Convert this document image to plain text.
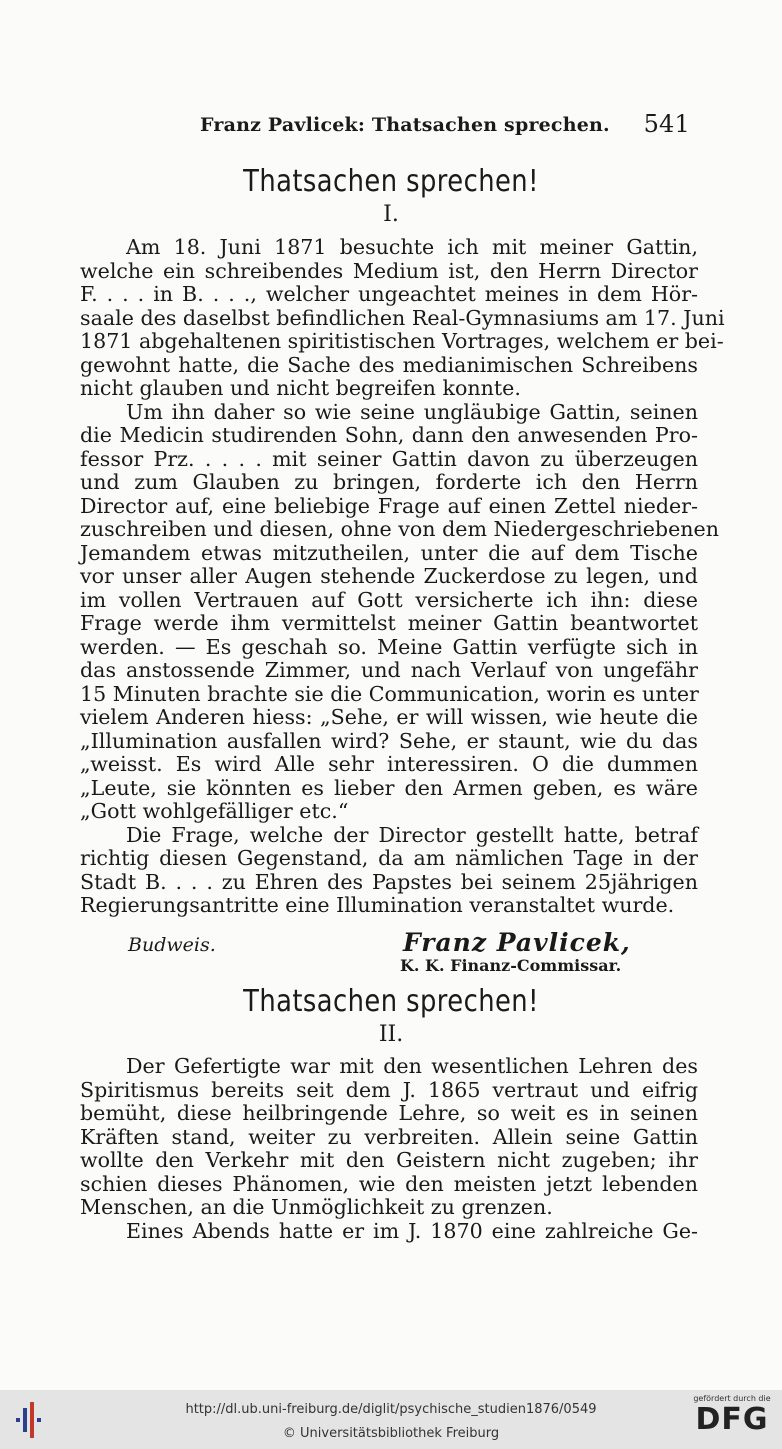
Franz Pavlicek: Thatsachen sprechen. 541
Thatsachen sprechen!
I.
Am 18. Juni 1871 besuchte ich mit meiner Gattin,
welche ein schreibendes Medium ist, den Herrn Director
F. . . . in B. . . ., welcher ungeachtet meines in dem Hör-
saale des daselbst befindlichen Real-Gymnasiums am 17. Juni
1871 abgehaltenen spiritistischen Vortrages, welchem er bei-
gewohnt hatte, die Sache des medianimischen Schreibens
nicht glauben und nicht begreifen konnte.
Um ihn daher so wie seine ungläubige Gattin, seinen
die Medicin studirenden Sohn, dann den anwesenden Pro-
fessor Prz. . . . . mit seiner Gattin davon zu überzeugen
und zum Glauben zu bringen, forderte ich den Herrn
Director auf, eine beliebige Frage auf einen Zettel nieder-
zuschreiben und diesen, ohne von dem Niedergeschriebenen
Jemandem etwas mitzutheilen, unter die auf dem Tische
vor unser aller Augen stehende Zuckerdose zu legen, und
im vollen Vertrauen auf Gott versicherte ich ihn: diese
Frage werde ihm vermittelst meiner Gattin beantwortet
werden. — Es geschah so. Meine Gattin verfügte sich in
das anstossende Zimmer, und nach Verlauf von ungefähr
15 Minuten brachte sie die Communication, worin es unter
vielem Anderen hiess: „Sehe, er will wissen, wie heute die
„Illumination ausfallen wird? Sehe, er staunt, wie du das
„weisst. Es wird Alle sehr interessiren. O die dummen
„Leute, sie könnten es lieber den Armen geben, es wäre
„Gott wohlgefälliger etc.“
Die Frage, welche der Director gestellt hatte, betraf
richtig diesen Gegenstand, da am nämlichen Tage in der
Stadt B. . . . zu Ehren des Papstes bei seinem 25jährigen
Regierungsantritte eine Illumination veranstaltet wurde.
Budweis.	Franz Pavlicek,
K. K. Finanz-Commissar.
Thatsachen sprechen!
II.
Der Gefertigte war mit den wesentlichen Lehren des
Spiritismus bereits seit dem J. 1865 vertraut und eifrig
bemüht, diese heilbringende Lehre, so weit es in seinen
Kräften stand, weiter zu verbreiten. Allein seine Gattin
wollte den Verkehr mit den Geistern nicht zugeben; ihr
schien dieses Phänomen, wie den meisten jetzt lebenden
Menschen, an die Unmöglichkeit zu grenzen.
Eines Abends hatte er im J. 1870 eine zahlreiche Ge-
http://dl.ub.uni-freiburg.de/diglit/psychische_studien1876/0549
© Universitätsbibliothek Freiburg
gefördert durch die
DFG
